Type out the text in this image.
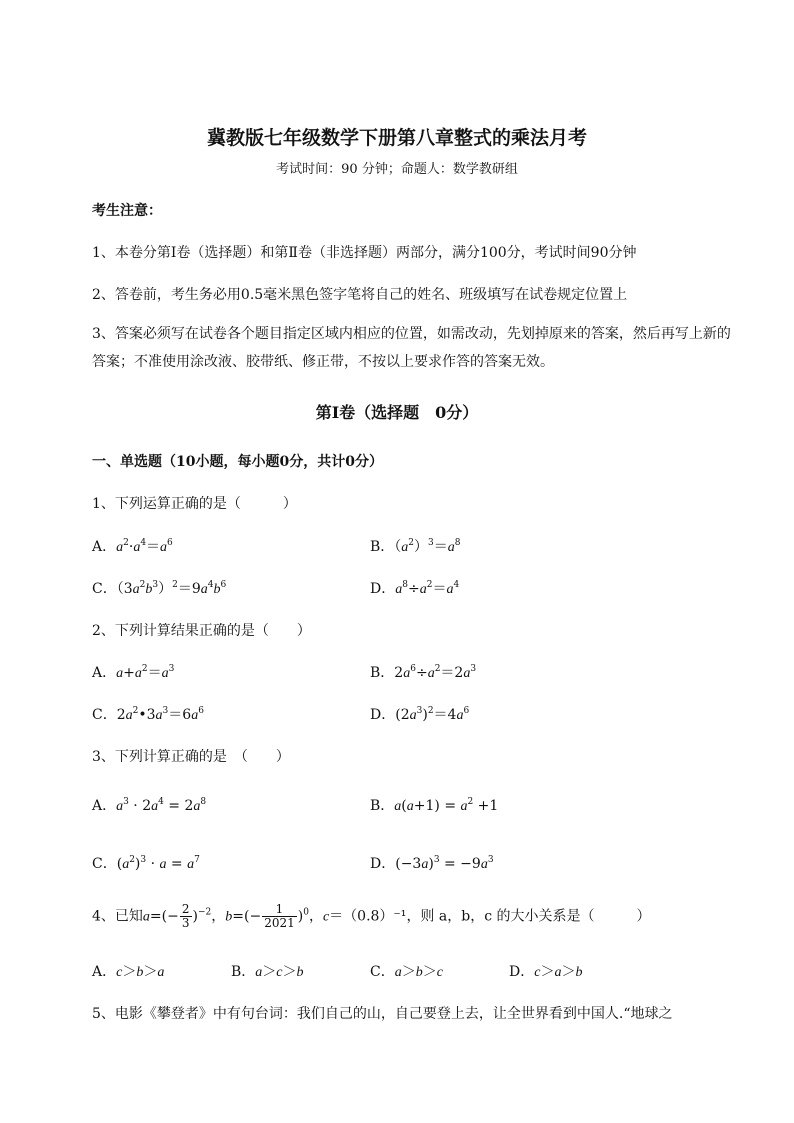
冀教版七年级数学下册第八章整式的乘法月考
考试时间：90 分钟；命题人：数学教研组
考生注意：
1、本卷分第Ⅰ卷（选择题）和第Ⅱ卷（非选择题）两部分，满分100分，考试时间90分钟
2、答卷前，考生务必用0.5毫米黑色签字笔将自己的姓名、班级填写在试卷规定位置上
3、答案必须写在试卷各个题目指定区域内相应的位置，如需改动，先划掉原来的答案，然后再写上新的答案；不准使用涂改液、胶带纸、修正带，不按以上要求作答的答案无效。
第Ⅰ卷（选择题　0分）
一、单选题（10小题，每小题0分，共计0分）
1、下列运算正确的是（　　　）
A．$a^2\cdot a^4=a^6$	B．$(a^2)^3=a^8$
C．$(3a^2b^3)^2=9a^4b^6$	D．$a^8\div a^2=a^4$
2、下列计算结果正确的是（　　）
A．$a+a^2=a^3$	B．$2a^6\div a^2=2a^3$
C．$2a^2•3a^3=6a^6$	D．$(2a^3)^2=4a^6$
3、下列计算正确的是　（　　）
A．$a^3 \cdot 2a^4 = 2a^8$	B．$a(a+1) = a^2 +1$
C．$(a^2)^3 \cdot a = a^7$	D．$(-3a)^3 = -9a^3$
4、已知$a=(- \frac{2}{3} )^{-2}$，$b=(- \frac{1}{2021} )^0$，c＝（0.8）⁻¹，则 a，b，c 的大小关系是（　　　）
A．c＞b＞a	B．a＞c＞b	C．a＞b＞c	D．c＞a＞b
5、电影《攀登者》中有句台词：我们自己的山，自己要登上去，让全世界看到中国人.“地球之
